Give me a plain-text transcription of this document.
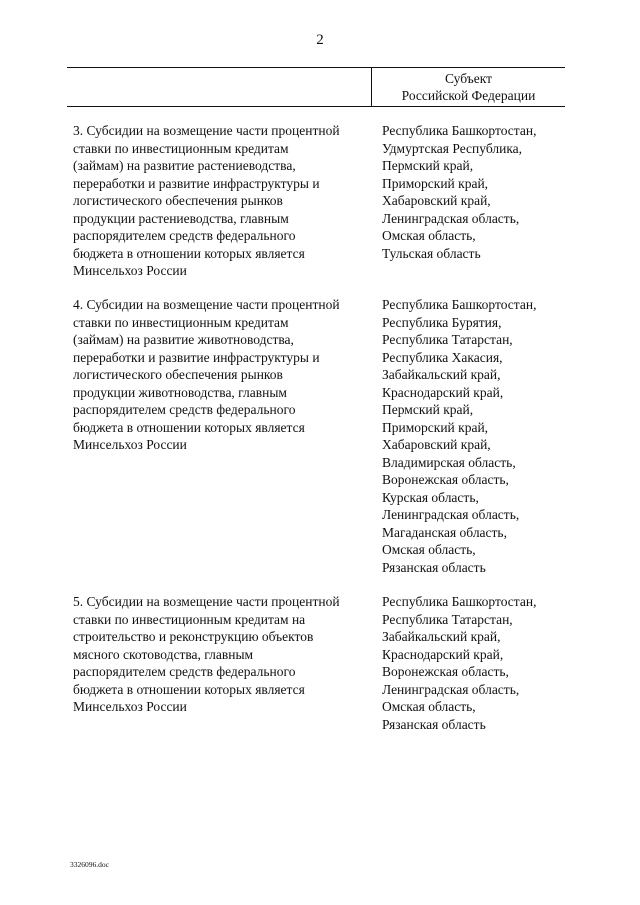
2
Субъект
Российской Федерации
3. Субсидии на возмещение части процентной
ставки по инвестиционным кредитам
(займам) на развитие растениеводства,
переработки и развитие инфраструктуры и
логистического обеспечения рынков
продукции растениеводства, главным
распорядителем средств федерального
бюджета в отношении которых является
Минсельхоз России
Республика Башкортостан,
Удмуртская Республика,
Пермский край,
Приморский край,
Хабаровский край,
Ленинградская область,
Омская область,
Тульская область
4. Субсидии на возмещение части процентной
ставки по инвестиционным кредитам
(займам) на развитие животноводства,
переработки и развитие инфраструктуры и
логистического обеспечения рынков
продукции животноводства, главным
распорядителем средств федерального
бюджета в отношении которых является
Минсельхоз России
Республика Башкортостан,
Республика Бурятия,
Республика Татарстан,
Республика Хакасия,
Забайкальский край,
Краснодарский край,
Пермский край,
Приморский край,
Хабаровский край,
Владимирская область,
Воронежская область,
Курская область,
Ленинградская область,
Магаданская область,
Омская область,
Рязанская область
5. Субсидии на возмещение части процентной
ставки по инвестиционным кредитам на
строительство и реконструкцию объектов
мясного скотоводства, главным
распорядителем средств федерального
бюджета в отношении которых является
Минсельхоз России
Республика Башкортостан,
Республика Татарстан,
Забайкальский край,
Краснодарский край,
Воронежская область,
Ленинградская область,
Омская область,
Рязанская область
3326096.doc
